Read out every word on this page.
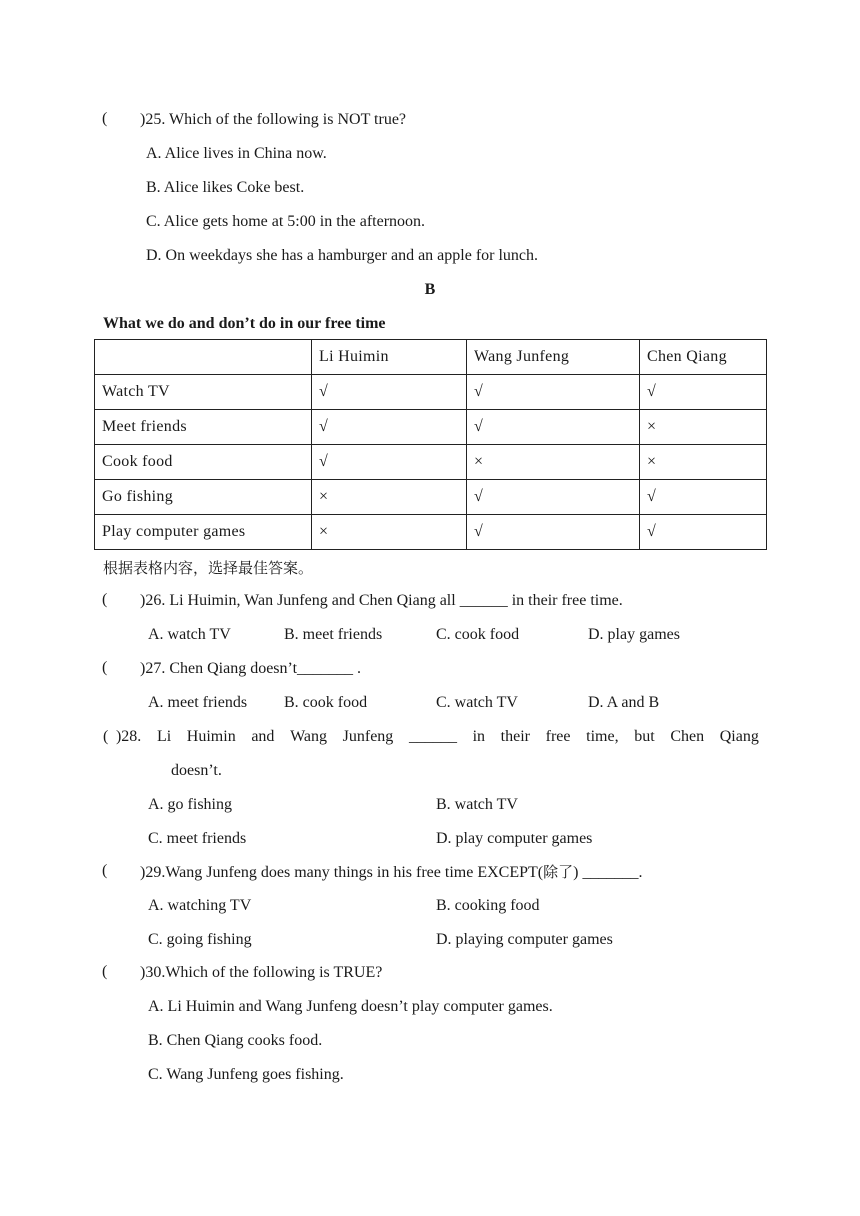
( )25. Which of the following is NOT true?
A. Alice lives in China now.
B. Alice likes Coke best.
C. Alice gets home at 5:00 in the afternoon.
D. On weekdays she has a hamburger and an apple for lunch.
B
What we do and don’t do in our free time
	Li Huimin	Wang Junfeng	Chen Qiang
Watch TV	√	√	√
Meet friends	√	√	×
Cook food	√	×	×
Go fishing	×	√	√
Play computer games	×	√	√
根据表格内容，选择最佳答案。
( )26. Li Huimin, Wan Junfeng and Chen Qiang all ______ in their free time.
A. watch TV	B. meet friends	C. cook food	D. play games
( )27. Chen Qiang doesn’t_______ .
A. meet friends B. cook food	C. watch TV	D. A and B
( )28. Li Huimin and Wang Junfeng ______ in their free time, but Chen Qiang
doesn’t.
A. go fishing	B. watch TV
C. meet friends	D. play computer games
( )29.Wang Junfeng does many things in his free time EXCEPT(除了) _______.
A. watching TV	B. cooking food
C. going fishing	D. playing computer games
( )30.Which of the following is TRUE?
A. Li Huimin and Wang Junfeng doesn’t play computer games.
B. Chen Qiang cooks food.
C. Wang Junfeng goes fishing.
